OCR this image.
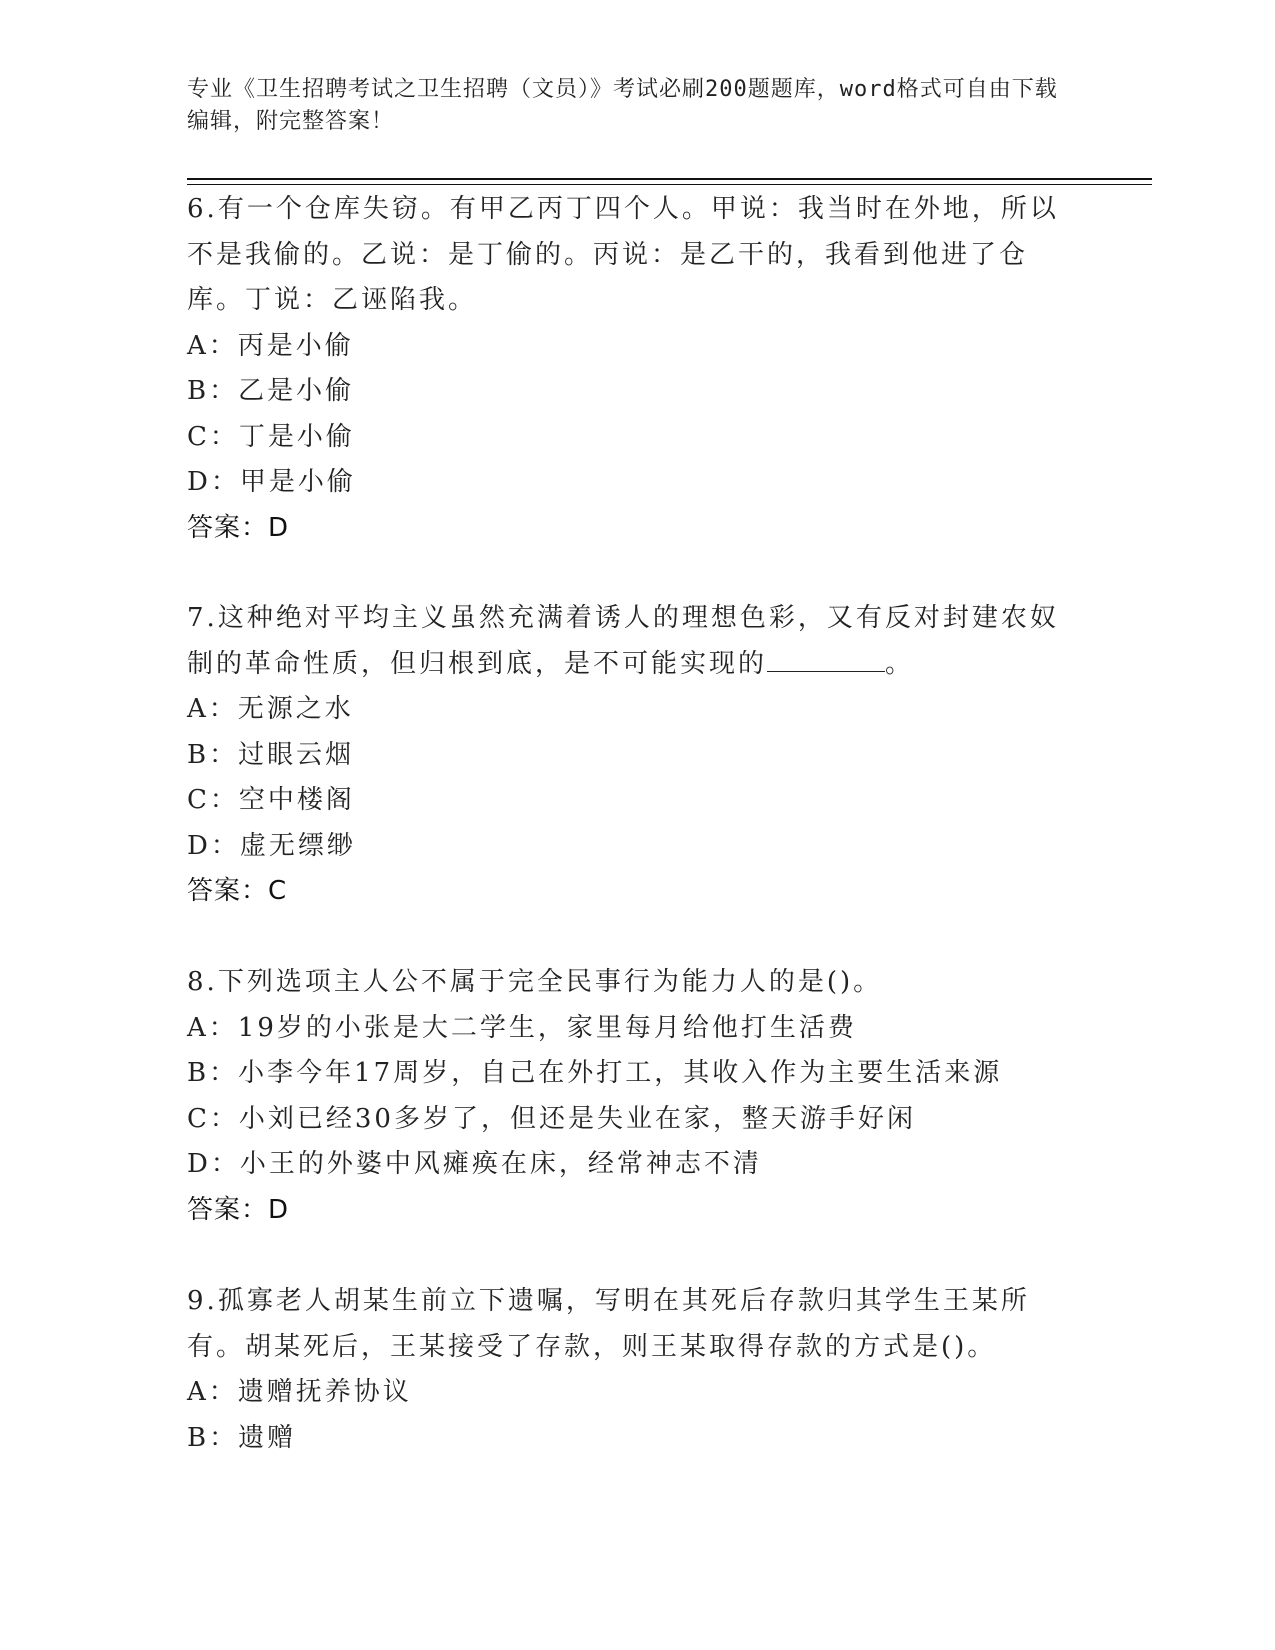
专业《卫生招聘考试之卫生招聘（文员）》考试必刷200题题库，word格式可自由下载编辑，附完整答案！
6.有一个仓库失窃。有甲乙丙丁四个人。甲说：我当时在外地，所以不是我偷的。乙说：是丁偷的。丙说：是乙干的，我看到他进了仓库。丁说：乙诬陷我。
A：丙是小偷
B：乙是小偷
C：丁是小偷
D：甲是小偷
答案：D
7.这种绝对平均主义虽然充满着诱人的理想色彩，又有反对封建农奴制的革命性质，但归根到底，是不可能实现的	。
A：无源之水
B：过眼云烟
C：空中楼阁
D：虚无缥缈
答案：C
8.下列选项主人公不属于完全民事行为能力人的是()。
A：19岁的小张是大二学生，家里每月给他打生活费
B：小李今年17周岁，自己在外打工，其收入作为主要生活来源
C：小刘已经30多岁了，但还是失业在家，整天游手好闲
D：小王的外婆中风瘫痪在床，经常神志不清
答案：D
9.孤寡老人胡某生前立下遗嘱，写明在其死后存款归其学生王某所有。胡某死后，王某接受了存款，则王某取得存款的方式是()。
A：遗赠抚养协议
B：遗赠
